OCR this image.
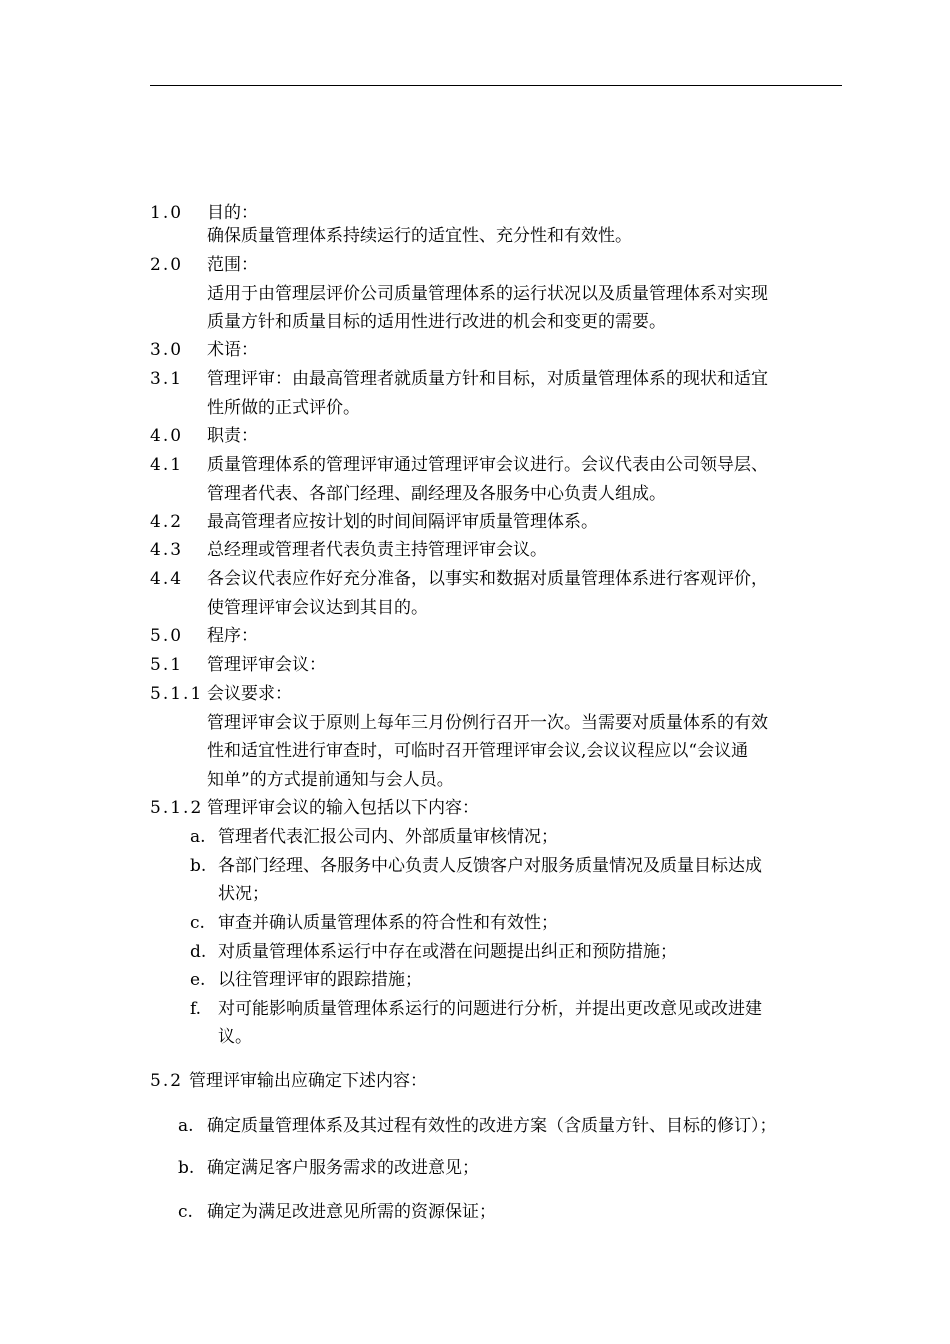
1.0 目的：
确保质量管理体系持续运行的适宜性、充分性和有效性。
2.0 范围：
适用于由管理层评价公司质量管理体系的运行状况以及质量管理体系对实现
质量方针和质量目标的适用性进行改进的机会和变更的需要。
3.0 术语：
3.1 管理评审：由最高管理者就质量方针和目标，对质量管理体系的现状和适宜
性所做的正式评价。
4.0 职责：
4.1 质量管理体系的管理评审通过管理评审会议进行。会议代表由公司领导层、
管理者代表、各部门经理、副经理及各服务中心负责人组成。
4.2 最高管理者应按计划的时间间隔评审质量管理体系。
4.3 总经理或管理者代表负责主持管理评审会议。
4.4 各会议代表应作好充分准备，以事实和数据对质量管理体系进行客观评价，
使管理评审会议达到其目的。
5.0 程序：
5.1 管理评审会议：
5.1.1 会议要求：
管理评审会议于原则上每年三月份例行召开一次。当需要对质量体系的有效
性和适宜性进行审查时，可临时召开管理评审会议,会议议程应以“会议通
知单”的方式提前通知与会人员。
5.1.2 管理评审会议的输入包括以下内容：
a. 管理者代表汇报公司内、外部质量审核情况；
b. 各部门经理、各服务中心负责人反馈客户对服务质量情况及质量目标达成
状况；
c. 审查并确认质量管理体系的符合性和有效性；
d. 对质量管理体系运行中存在或潜在问题提出纠正和预防措施；
e. 以往管理评审的跟踪措施；
f. 对可能影响质量管理体系运行的问题进行分析，并提出更改意见或改进建
议。
5.2 管理评审输出应确定下述内容：
a. 确定质量管理体系及其过程有效性的改进方案（含质量方针、目标的修订）；
b. 确定满足客户服务需求的改进意见；
c. 确定为满足改进意见所需的资源保证；
